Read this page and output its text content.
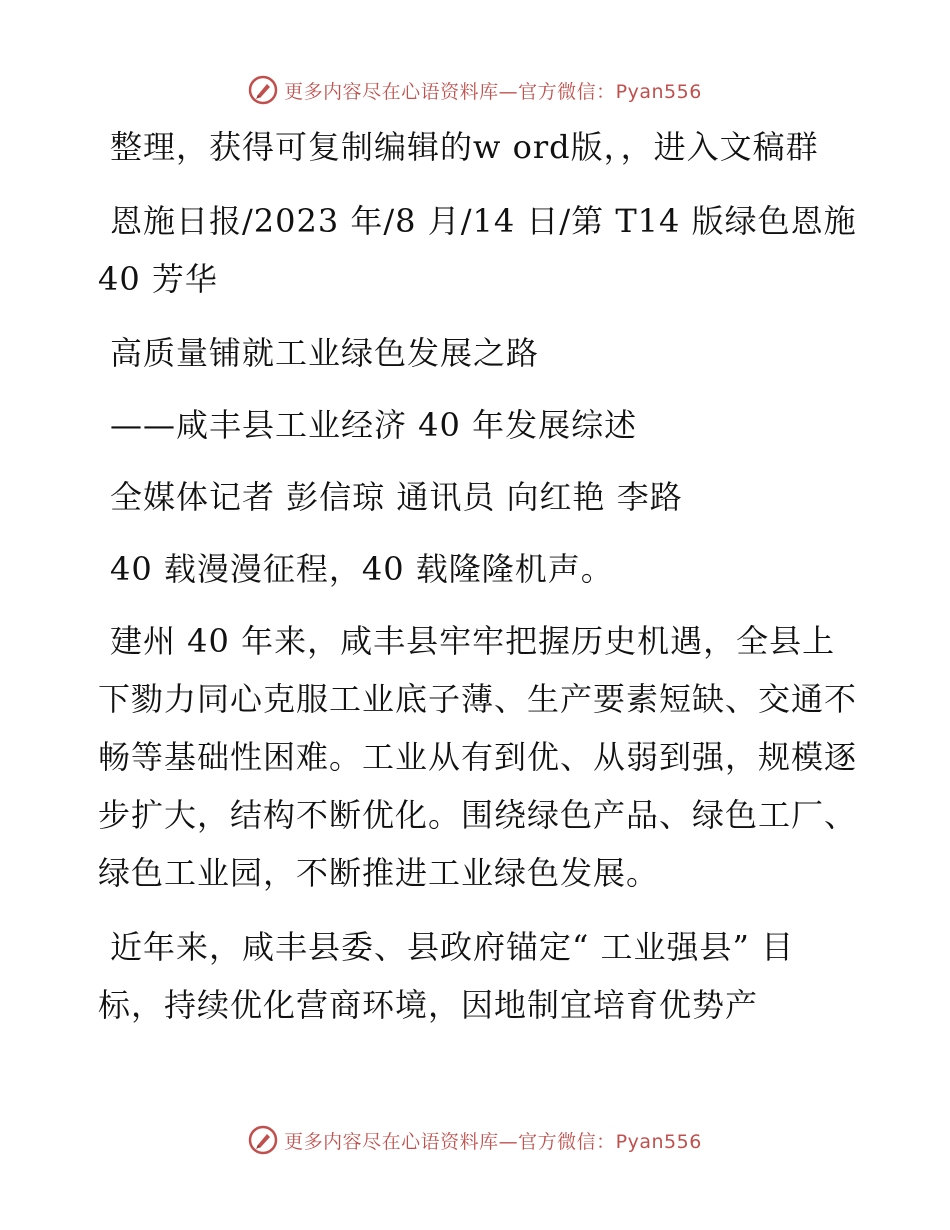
更多内容尽在心语资料库—官方微信：Pyan556

整理，获得可复制编辑的w ord版，，进入文稿群

恩施日报/2023 年/8 月/14 日/第 T14 版绿色恩施 40 芳华

高质量铺就工业绿色发展之路

——咸丰县工业经济 40 年发展综述

全媒体记者 彭信琼 通讯员 向红艳 李路

40 载漫漫征程，40 载隆隆机声。

建州 40 年来，咸丰县牢牢把握历史机遇，全县上下勠力同心克服工业底子薄、生产要素短缺、交通不畅等基础性困难。工业从有到优、从弱到强，规模逐步扩大，结构不断优化。围绕绿色产品、绿色工厂、绿色工业园，不断推进工业绿色发展。

近年来，咸丰县委、县政府锚定“ 工业强县” 目标，持续优化营商环境，因地制宜培育优势产

更多内容尽在心语资料库—官方微信：Pyan556
